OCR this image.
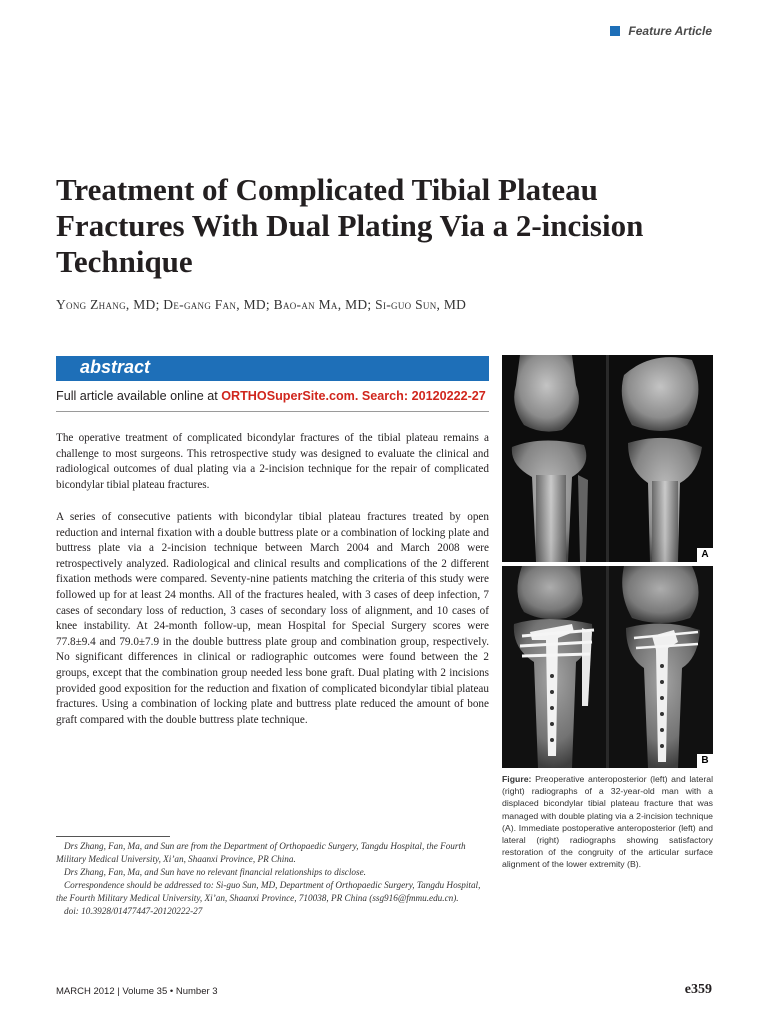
Feature Article
Treatment of Complicated Tibial Plateau Fractures With Dual Plating Via a 2-incision Technique
Yong Zhang, MD; De-gang Fan, MD; Bao-an Ma, MD; Si-guo Sun, MD
abstract
Full article available online at ORTHOSuperSite.com. Search: 20120222-27

The operative treatment of complicated bicondylar fractures of the tibial plateau remains a challenge to most surgeons. This retrospective study was designed to evaluate the clinical and radiological outcomes of dual plating via a 2-incision technique for the repair of complicated bicondylar tibial plateau fractures.

A series of consecutive patients with bicondylar tibial plateau fractures treated by open reduction and internal fixation with a double buttress plate or a combination of locking plate and buttress plate via a 2-incision technique between March 2004 and March 2008 were retrospectively analyzed. Radiological and clinical results and complications of the 2 different fixation methods were compared. Seventy-nine patients matching the criteria of this study were followed up for at least 24 months. All of the fractures healed, with 3 cases of deep infection, 7 cases of secondary loss of reduction, 3 cases of secondary loss of alignment, and 10 cases of knee instability. At 24-month follow-up, mean Hospital for Special Surgery scores were 77.8±9.4 and 79.0±7.9 in the double buttress plate group and combination group, respectively. No significant differences in clinical or radiographic outcomes were found between the 2 groups, except that the combination group needed less bone graft. Dual plating with 2 incisions provided good exposition for the reduction and fixation of complicated bicondylar tibial plateau fractures. Using a combination of locking plate and buttress plate reduced the amount of bone graft compared with the double buttress plate technique.

Drs Zhang, Fan, Ma, and Sun are from the Department of Orthopaedic Surgery, Tangdu Hospital, the Fourth Military Medical University, Xi’an, Shaanxi Province, PR China.

Drs Zhang, Fan, Ma, and Sun have no relevant financial relationships to disclose.

Correspondence should be addressed to: Si-guo Sun, MD, Department of Orthopaedic Surgery, Tangdu Hospital, the Fourth Military Medical University, Xi’an, Shaanxi Province, 710038, PR China (ssg916@fmmu.edu.cn).

doi: 10.3928/01477447-20120222-27

A
B
Figure: Preoperative anteroposterior (left) and lateral (right) radiographs of a 32-year-old man with a displaced bicondylar tibial plateau fracture that was managed with double plating via a 2-incision technique (A). Immediate postoperative anteroposterior (left) and lateral (right) radiographs showing satisfactory restoration of the congruity of the articular surface alignment of the lower extremity (B).
MARCH 2012 | Volume 35 • Number 3	e359
